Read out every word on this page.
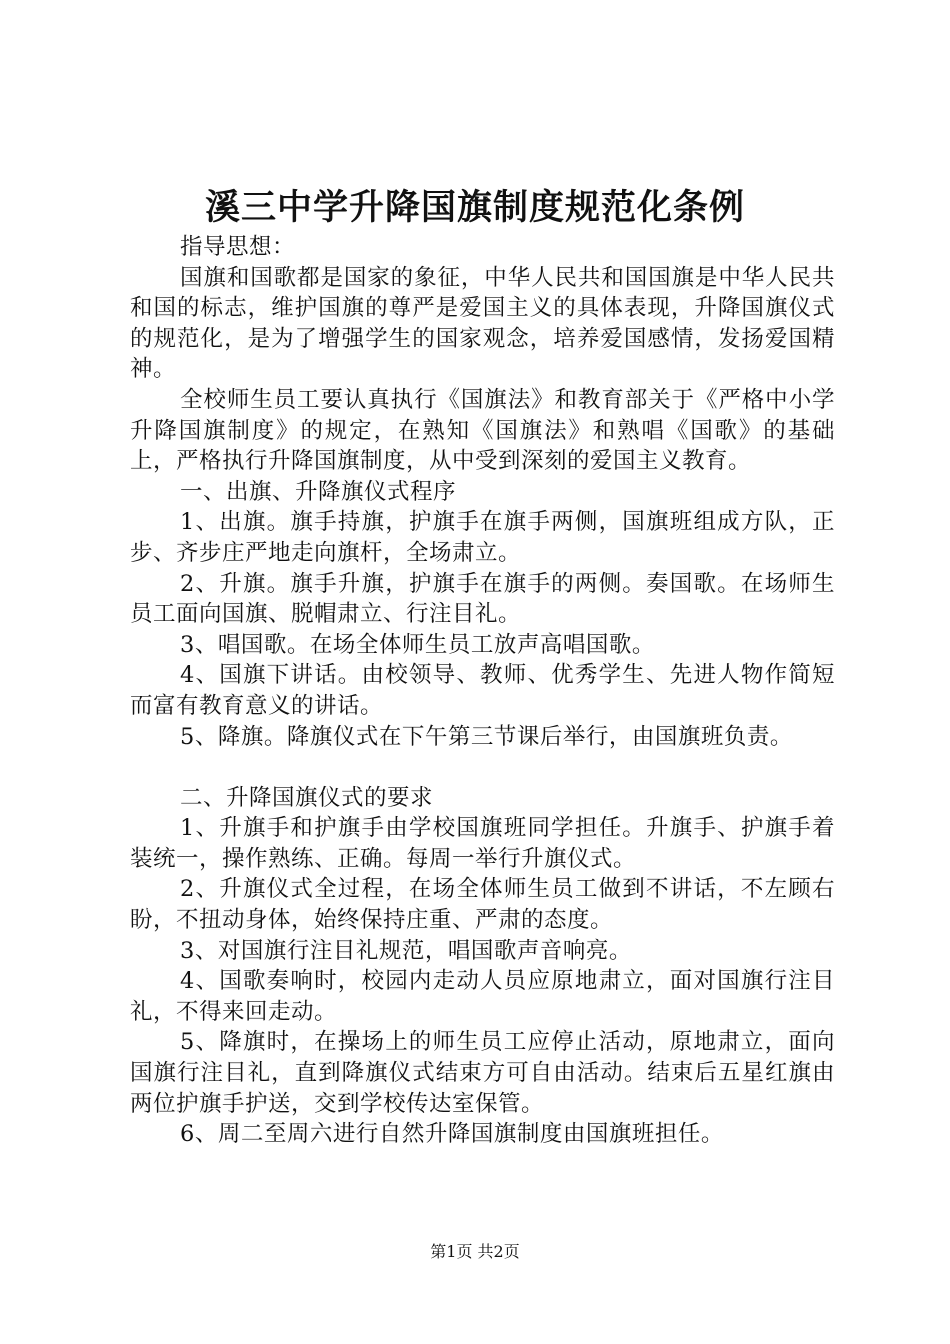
溪三中学升降国旗制度规范化条例

指导思想：

国旗和国歌都是国家的象征，中华人民共和国国旗是中华人民共和国的标志，维护国旗的尊严是爱国主义的具体表现，升降国旗仪式的规范化，是为了增强学生的国家观念，培养爱国感情，发扬爱国精神。

全校师生员工要认真执行《国旗法》和教育部关于《严格中小学升降国旗制度》的规定，在熟知《国旗法》和熟唱《国歌》的基础上，严格执行升降国旗制度，从中受到深刻的爱国主义教育。

一、出旗、升降旗仪式程序

1、出旗。旗手持旗，护旗手在旗手两侧，国旗班组成方队，正步、齐步庄严地走向旗杆，全场肃立。

2、升旗。旗手升旗，护旗手在旗手的两侧。奏国歌。在场师生员工面向国旗、脱帽肃立、行注目礼。

3、唱国歌。在场全体师生员工放声高唱国歌。

4、国旗下讲话。由校领导、教师、优秀学生、先进人物作简短而富有教育意义的讲话。

5、降旗。降旗仪式在下午第三节课后举行，由国旗班负责。

二、升降国旗仪式的要求

1、升旗手和护旗手由学校国旗班同学担任。升旗手、护旗手着装统一，操作熟练、正确。每周一举行升旗仪式。

2、升旗仪式全过程，在场全体师生员工做到不讲话，不左顾右盼，不扭动身体，始终保持庄重、严肃的态度。

3、对国旗行注目礼规范，唱国歌声音响亮。

4、国歌奏响时，校园内走动人员应原地肃立，面对国旗行注目礼，不得来回走动。

5、降旗时，在操场上的师生员工应停止活动，原地肃立，面向国旗行注目礼，直到降旗仪式结束方可自由活动。结束后五星红旗由两位护旗手护送，交到学校传达室保管。

6、周二至周六进行自然升降国旗制度由国旗班担任。

第1页 共2页
